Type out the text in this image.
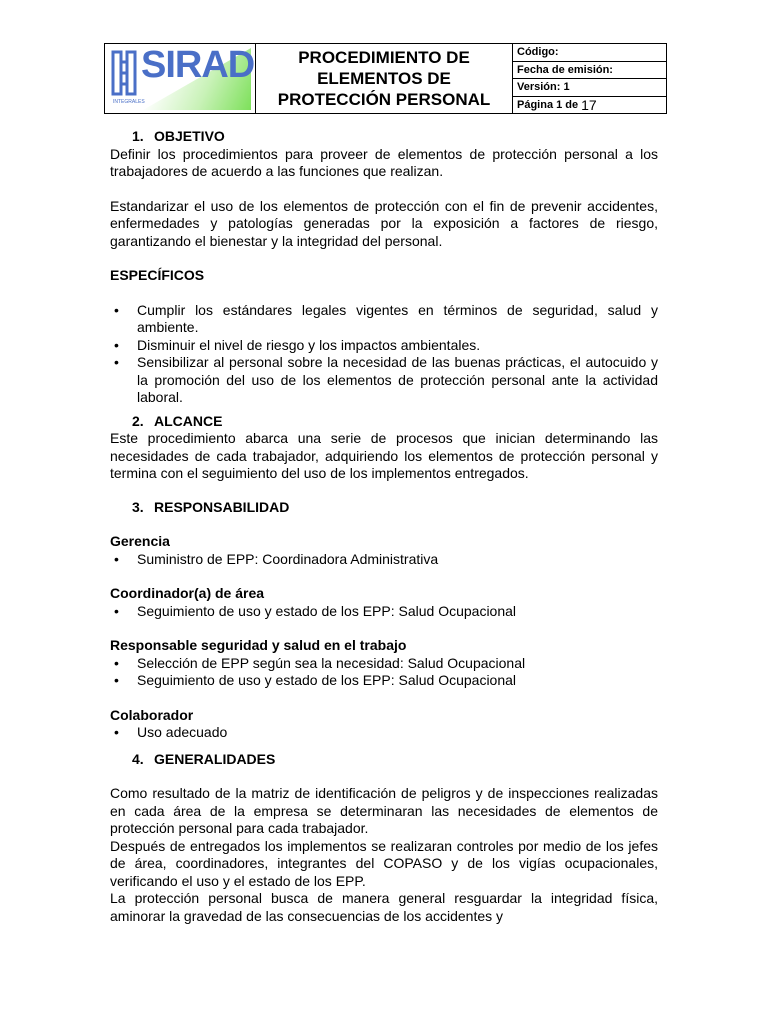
SIRAD
INTEGRALES
PROCEDIMIENTO DE ELEMENTOS DE PROTECCIÓN PERSONAL
Código:
Fecha de emisión:
Versión: 1
Página 1 de 17

1. OBJETIVO

Definir los procedimientos para proveer de elementos de protección personal a los trabajadores de acuerdo a las funciones que realizan.

Estandarizar el uso de los elementos de protección con el fin de prevenir accidentes, enfermedades y patologías generadas por la exposición a factores de riesgo, garantizando el bienestar y la integridad del personal.

ESPECÍFICOS

• Cumplir los estándares legales vigentes en términos de seguridad, salud y ambiente.
• Disminuir el nivel de riesgo y los impactos ambientales.
• Sensibilizar al personal sobre la necesidad de las buenas prácticas, el autocuido y la promoción del uso de los elementos de protección personal ante la actividad laboral.

2. ALCANCE

Este procedimiento abarca una serie de procesos que inician determinando las necesidades de cada trabajador, adquiriendo los elementos de protección personal y termina con el seguimiento del uso de los implementos entregados.

3. RESPONSABILIDAD

Gerencia

• Suministro de EPP: Coordinadora Administrativa

Coordinador(a) de área

• Seguimiento de uso y estado de los EPP: Salud Ocupacional

Responsable seguridad y salud en el trabajo

• Selección de EPP según sea la necesidad: Salud Ocupacional
• Seguimiento de uso y estado de los EPP: Salud Ocupacional

Colaborador

• Uso adecuado

4. GENERALIDADES

Como resultado de la matriz de identificación de peligros y de inspecciones realizadas en cada área de la empresa se determinaran las necesidades de elementos de protección personal para cada trabajador.

Después de entregados los implementos se realizaran controles por medio de los jefes de área, coordinadores, integrantes del COPASO y de los vigías ocupacionales, verificando el uso y el estado de los EPP.

La protección personal busca de manera general resguardar la integridad física, aminorar la gravedad de las consecuencias de los accidentes y
